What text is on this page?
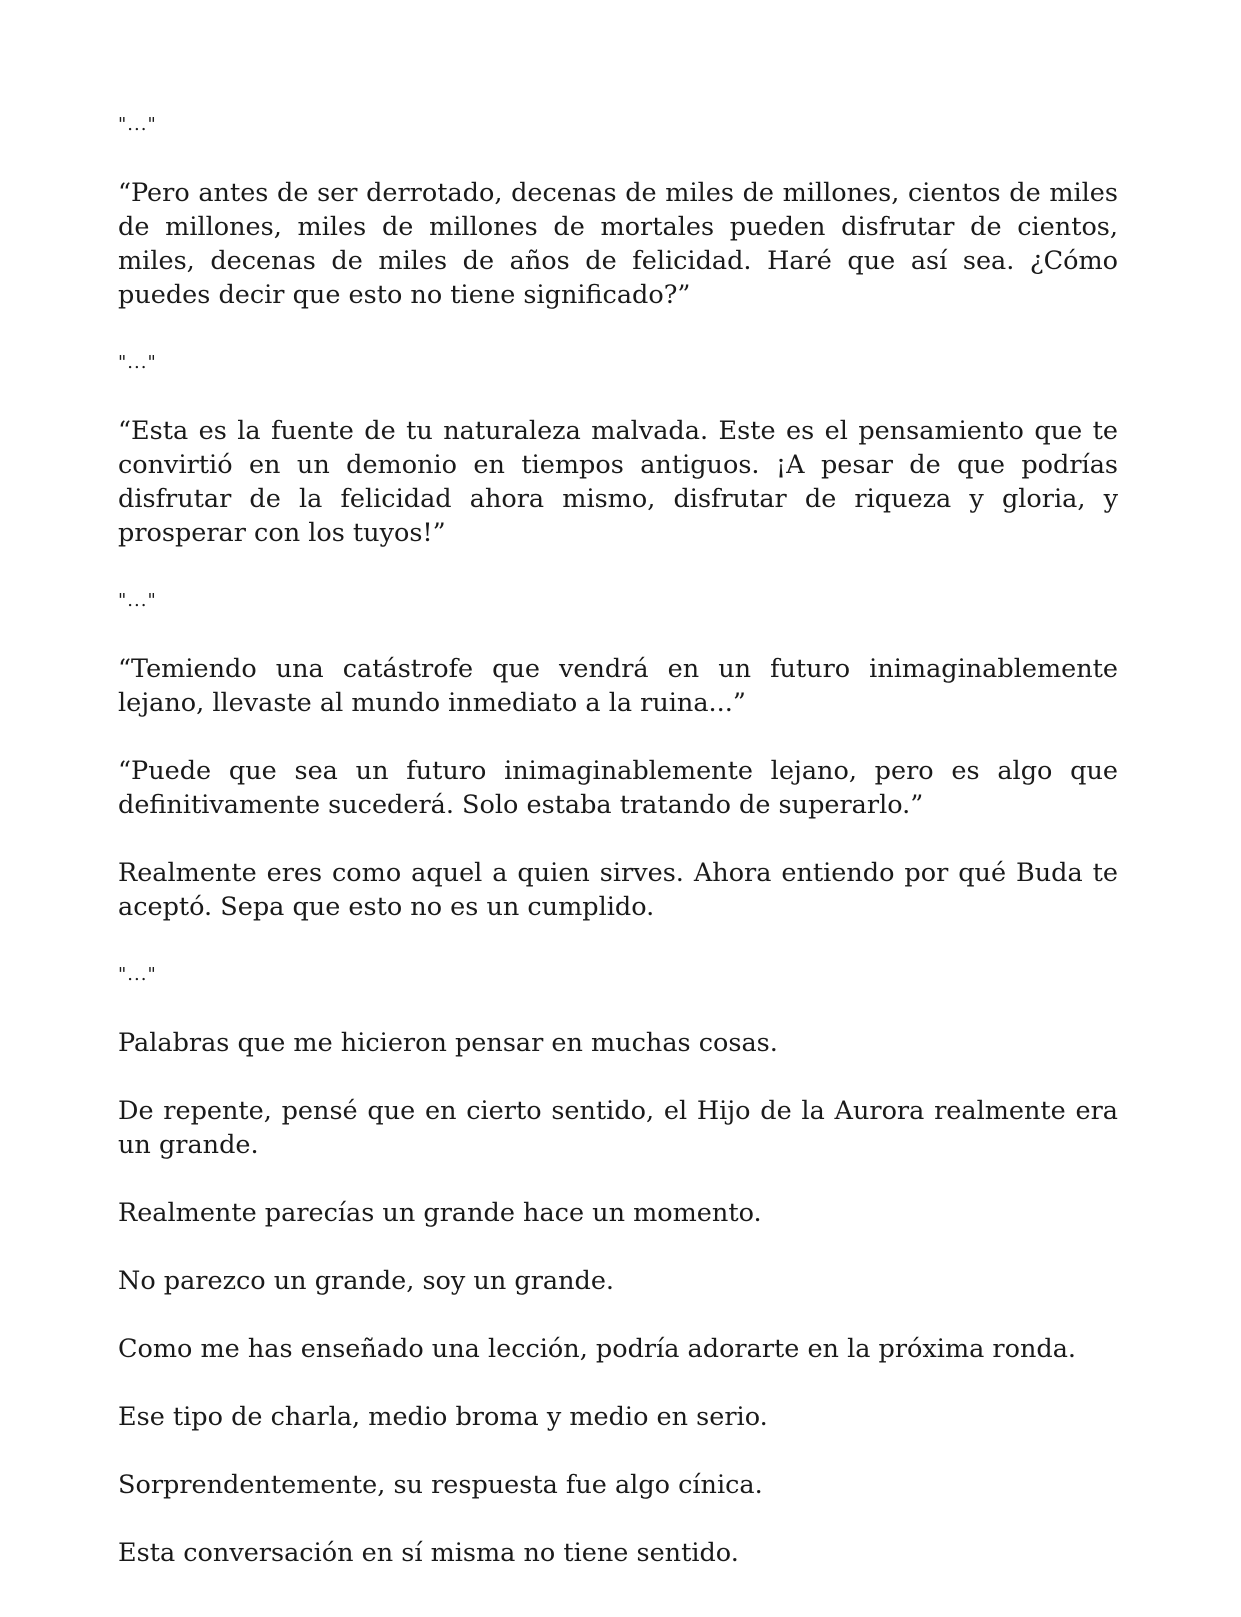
"..."

“Pero antes de ser derrotado, decenas de miles de millones, cientos de miles de millones, miles de millones de mortales pueden disfrutar de cientos, miles, decenas de miles de años de felicidad. Haré que así sea. ¿Cómo puedes decir que esto no tiene significado?”

"..."

“Esta es la fuente de tu naturaleza malvada. Este es el pensamiento que te convirtió en un demonio en tiempos antiguos. ¡A pesar de que podrías disfrutar de la felicidad ahora mismo, disfrutar de riqueza y gloria, y prosperar con los tuyos!”

"..."

“Temiendo una catástrofe que vendrá en un futuro inimaginablemente lejano, llevaste al mundo inmediato a la ruina...”

“Puede que sea un futuro inimaginablemente lejano, pero es algo que definitivamente sucederá. Solo estaba tratando de superarlo.”

Realmente eres como aquel a quien sirves. Ahora entiendo por qué Buda te aceptó. Sepa que esto no es un cumplido.

"..."

Palabras que me hicieron pensar en muchas cosas.

De repente, pensé que en cierto sentido, el Hijo de la Aurora realmente era un grande.

Realmente parecías un grande hace un momento.

No parezco un grande, soy un grande.

Como me has enseñado una lección, podría adorarte en la próxima ronda.

Ese tipo de charla, medio broma y medio en serio.

Sorprendentemente, su respuesta fue algo cínica.

Esta conversación en sí misma no tiene sentido.
